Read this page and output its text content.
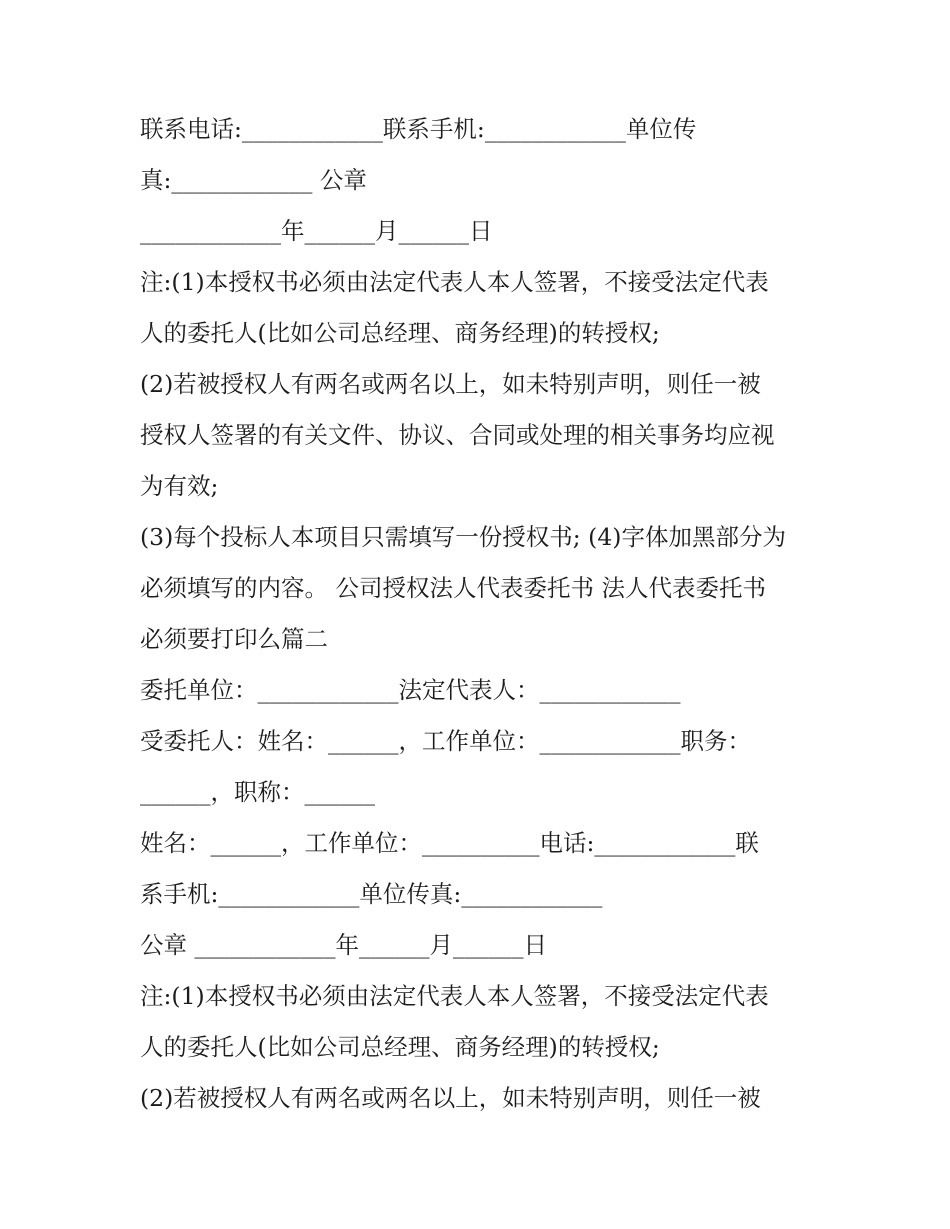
联系电话:____________联系手机:____________单位传
真:____________ 公章
____________年______月______日
注:(1)本授权书必须由法定代表人本人签署，不接受法定代表
人的委托人(比如公司总经理、商务经理)的转授权;
(2)若被授权人有两名或两名以上，如未特别声明，则任一被
授权人签署的有关文件、协议、合同或处理的相关事务均应视
为有效;
(3)每个投标人本项目只需填写一份授权书; (4)字体加黑部分为
必须填写的内容。 公司授权法人代表委托书 法人代表委托书
必须要打印么篇二
委托单位：____________法定代表人：____________
受委托人：姓名：______，工作单位：____________职务：
______，职称：______
姓名：______，工作单位：__________电话:____________联
系手机:____________单位传真:____________
公章 ____________年______月______日
注:(1)本授权书必须由法定代表人本人签署，不接受法定代表
人的委托人(比如公司总经理、商务经理)的转授权;
(2)若被授权人有两名或两名以上，如未特别声明，则任一被
